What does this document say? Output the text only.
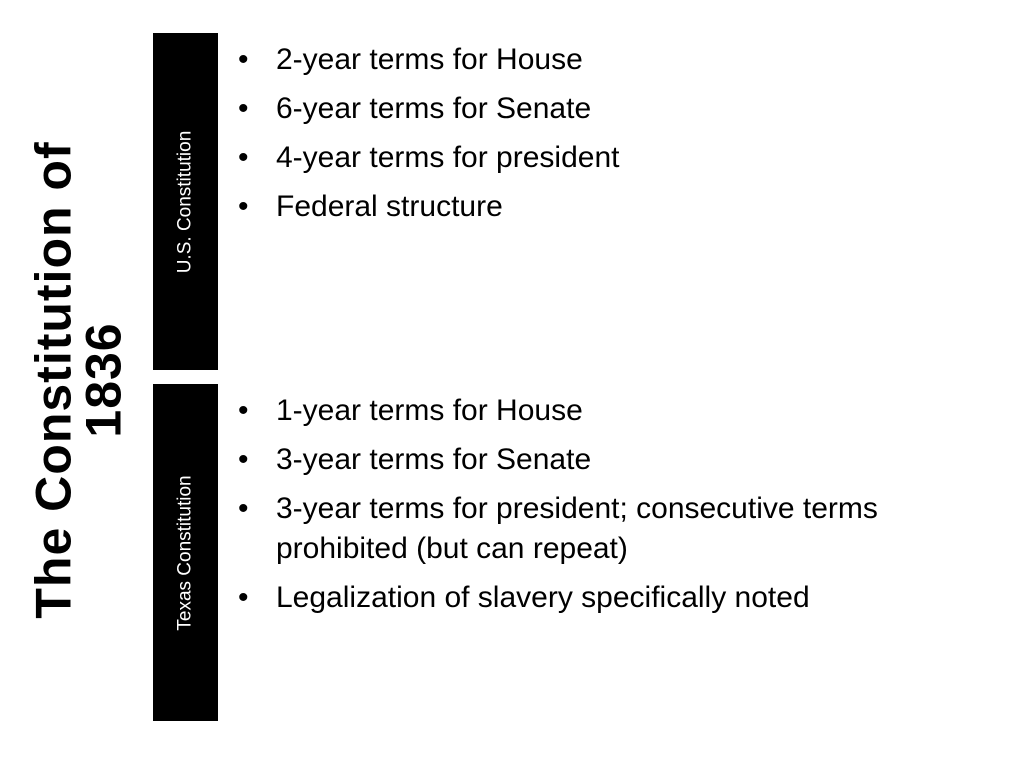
The Constitution of
1836
U.S. Constitution
Texas Constitution
• 2-year terms for House
• 6-year terms for Senate
• 4-year terms for president
• Federal structure
• 1-year terms for House
• 3-year terms for Senate
• 3-year terms for president; consecutive terms prohibited (but can repeat)
• Legalization of slavery specifically noted
